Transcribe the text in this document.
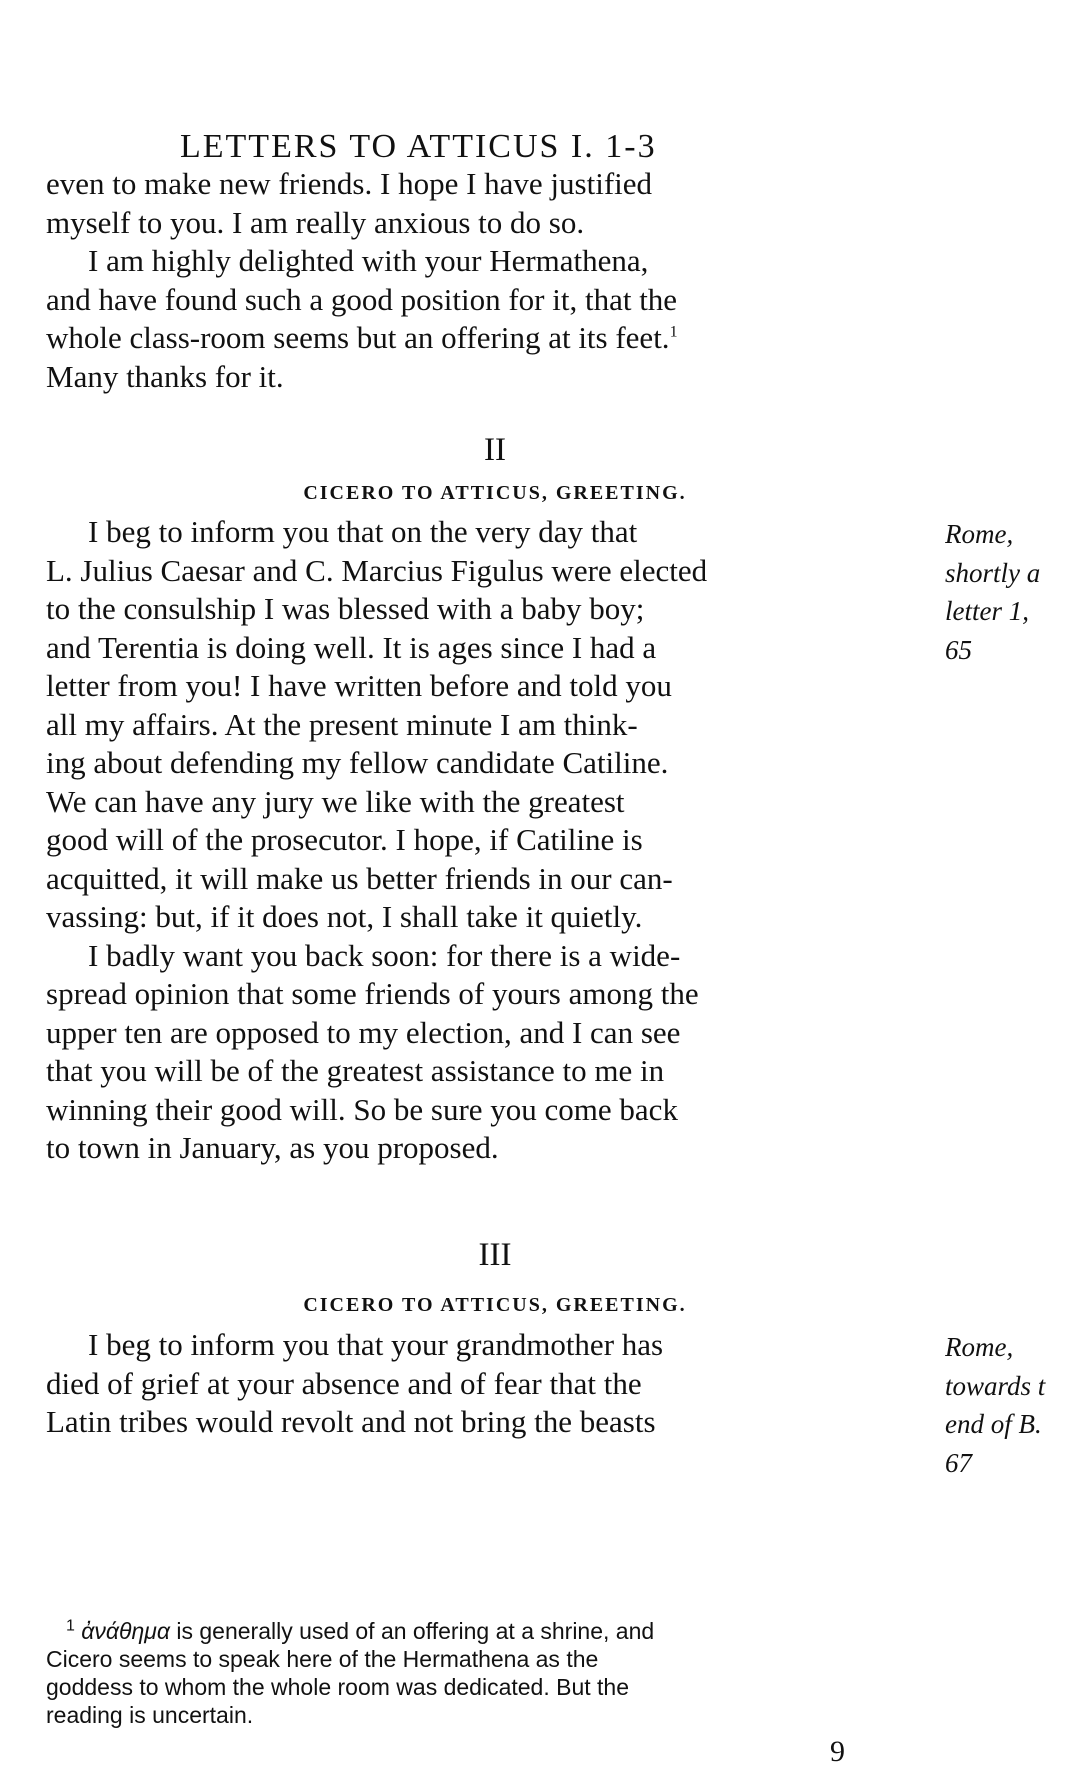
LETTERS TO ATTICUS I. 1-3
even to make new friends. I hope I have justified
myself to you. I am really anxious to do so.
I am highly delighted with your Hermathena,
and have found such a good position for it, that the
whole class-room seems but an offering at its feet.$^1$
Many thanks for it.
II
CICERO TO ATTICUS, GREETING.
I beg to inform you that on the very day that
L. Julius Caesar and C. Marcius Figulus were elected
to the consulship I was blessed with a baby boy;
and Terentia is doing well. It is ages since I had a
letter from you! I have written before and told you
all my affairs. At the present minute I am think-
ing about defending my fellow candidate Catiline.
We can have any jury we like with the greatest
good will of the prosecutor. I hope, if Catiline is
acquitted, it will make us better friends in our can-
vassing: but, if it does not, I shall take it quietly.
I badly want you back soon: for there is a wide-
spread opinion that some friends of yours among the
upper ten are opposed to my election, and I can see
that you will be of the greatest assistance to me in
winning their good will. So be sure you come back
to town in January, as you proposed.
Rome,
shortly a
letter 1,
65
III
CICERO TO ATTICUS, GREETING.
I beg to inform you that your grandmother has
died of grief at your absence and of fear that the
Latin tribes would revolt and not bring the beasts
Rome,
towards t
end of B.
67
$^1$ ἀνάθημα is generally used of an offering at a shrine, and
Cicero seems to speak here of the Hermathena as the
goddess to whom the whole room was dedicated. But the
reading is uncertain.
9
